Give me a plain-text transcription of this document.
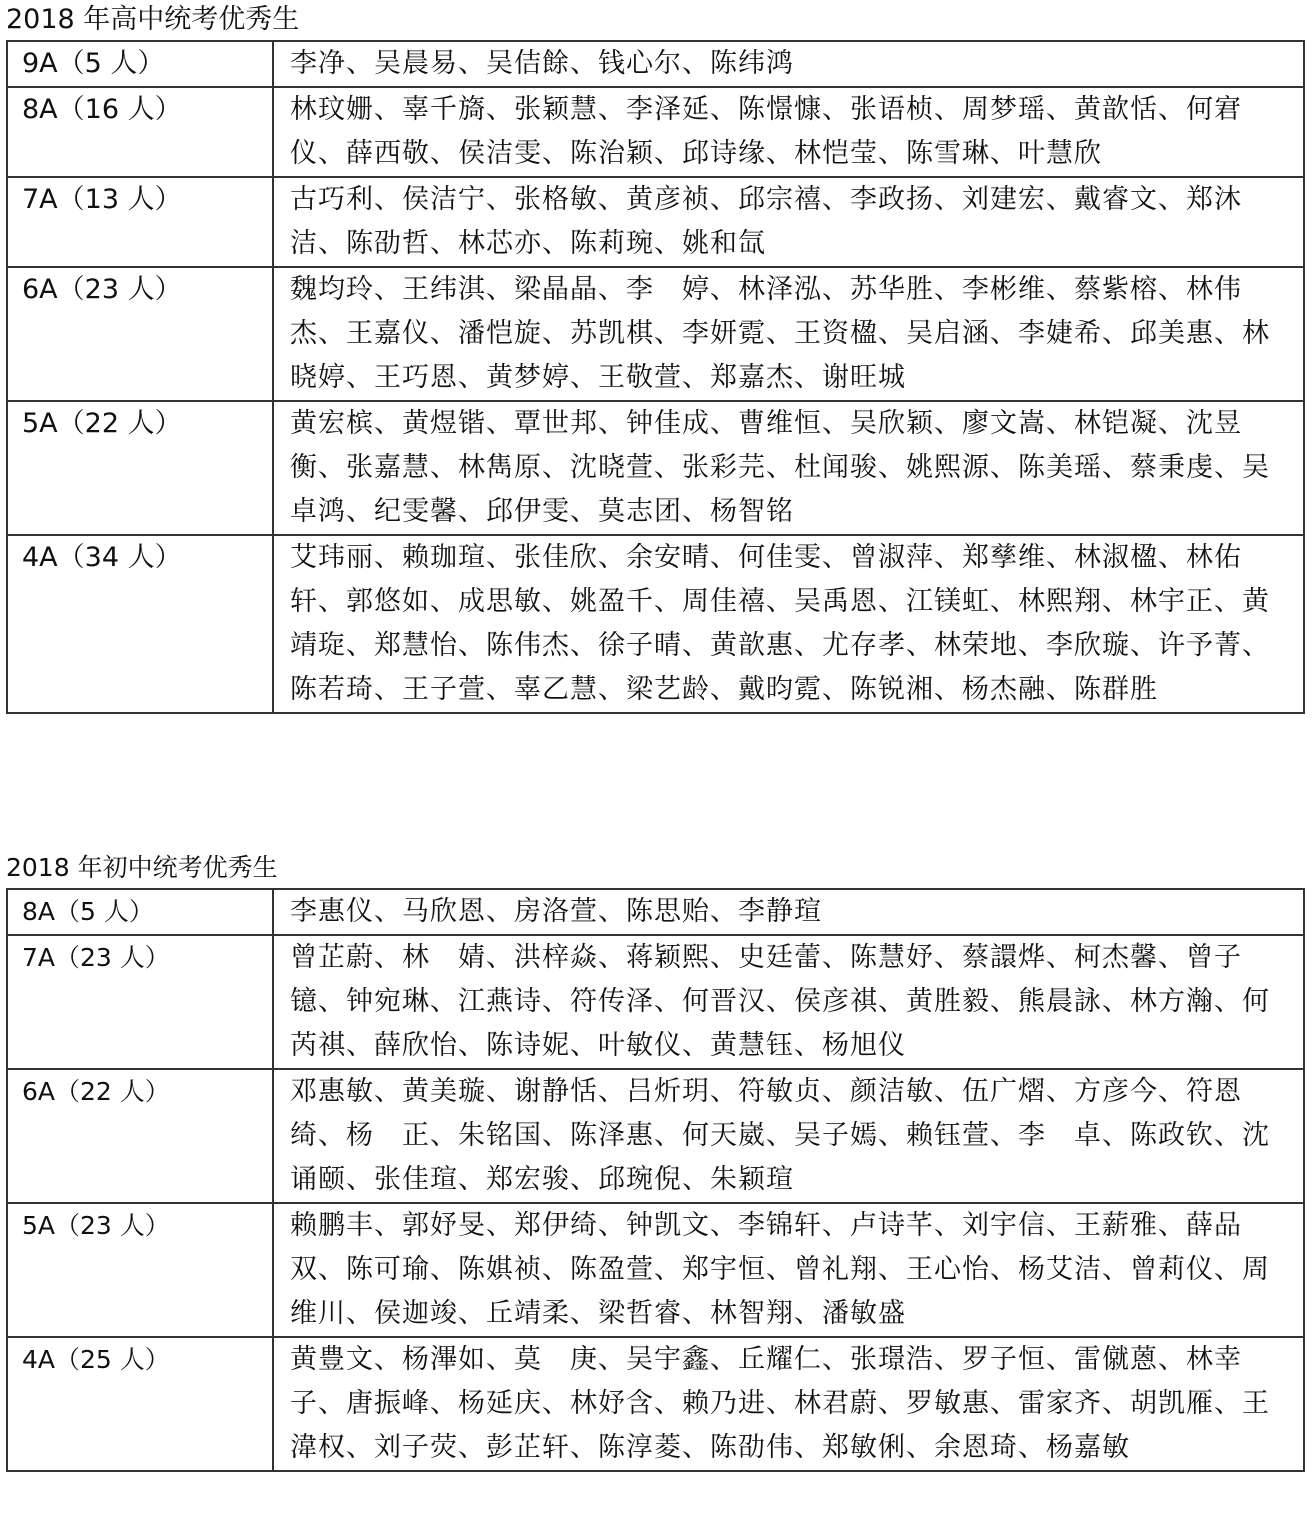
2018 年高中统考优秀生
9A（5 人）	李净、吴晨易、吴佶餘、钱心尔、陈纬鸿
8A（16 人）	林玟姗、辜千旖、张颖慧、李泽延、陈憬慷、张语桢、周梦瑶、黄歆恬、何宭仪、薛西敬、侯洁雯、陈治颖、邱诗缘、林恺莹、陈雪琳、叶慧欣
7A（13 人）	古巧利、侯洁宁、张格敏、黄彦祯、邱宗禧、李政扬、刘建宏、戴睿文、郑沐洁、陈劭哲、林芯亦、陈莉琬、姚和氙
6A（23 人）	魏均玲、王纬淇、梁晶晶、李　婷、林泽泓、苏华胜、李彬维、蔡紫榕、林伟杰、王嘉仪、潘恺旋、苏凯棋、李妍霓、王资楹、吴启涵、李婕希、邱美惠、林晓婷、王巧恩、黄梦婷、王敬萱、郑嘉杰、谢旺城
5A（22 人）	黄宏槟、黄煜锴、覃世邦、钟佳成、曹维恒、吴欣颖、廖文嵩、林铠凝、沈昱衡、张嘉慧、林雋原、沈晓萱、张彩芫、杜闻骏、姚熙源、陈美瑶、蔡秉虔、吴卓鸿、纪雯馨、邱伊雯、莫志团、杨智铭
4A（34 人）	艾玮丽、赖珈瑄、张佳欣、余安晴、何佳雯、曾淑萍、郑孳维、林淑楹、林佑轩、郭悠如、成思敏、姚盈千、周佳禧、吴禹恩、江镁虹、林熙翔、林宇正、黄靖琁、郑慧怡、陈伟杰、徐子晴、黄歆惠、尤存孝、林荣地、李欣璇、许予菁、陈若琦、王子萱、辜乙慧、梁艺龄、戴昀霓、陈锐湘、杨杰融、陈群胜
2018 年初中统考优秀生
8A（5 人）	李惠仪、马欣恩、房洛萱、陈思贻、李静瑄
7A（23 人）	曾芷蔚、林　婧、洪梓焱、蒋颖熙、史廷蕾、陈慧妤、蔡譞烨、柯杰馨、曾子镱、钟宛琳、江燕诗、符传泽、何晋汉、侯彦祺、黄胜毅、熊晨詠、林方瀚、何芮祺、薛欣怡、陈诗妮、叶敏仪、黄慧钰、杨旭仪
6A（22 人）	邓惠敏、黄美璇、谢静恬、吕炘玥、符敏贞、颜洁敏、伍广熠、方彦今、符恩绮、杨　正、朱铭国、陈泽惠、何天崴、吴子嫣、赖钰萱、李　卓、陈政钦、沈诵颐、张佳瑄、郑宏骏、邱琬倪、朱颖瑄
5A（23 人）	赖鹏丰、郭妤旻、郑伊绮、钟凯文、李锦轩、卢诗芊、刘宇信、王薪雅、薛品双、陈可瑜、陈娸祯、陈盈萱、郑宇恒、曾礼翔、王心怡、杨艾洁、曾莉仪、周维川、侯迦竣、丘靖柔、梁哲睿、林智翔、潘敏盛
4A（25 人）	黄豊文、杨滭如、莫　庚、吴宇鑫、丘耀仁、张璟浩、罗子恒、雷僦蒽、林幸子、唐振峰、杨延庆、林妤含、赖乃进、林君蔚、罗敏惠、雷家齐、胡凯雁、王湋权、刘子荧、彭芷轩、陈淳菱、陈劭伟、郑敏俐、余恩琦、杨嘉敏
